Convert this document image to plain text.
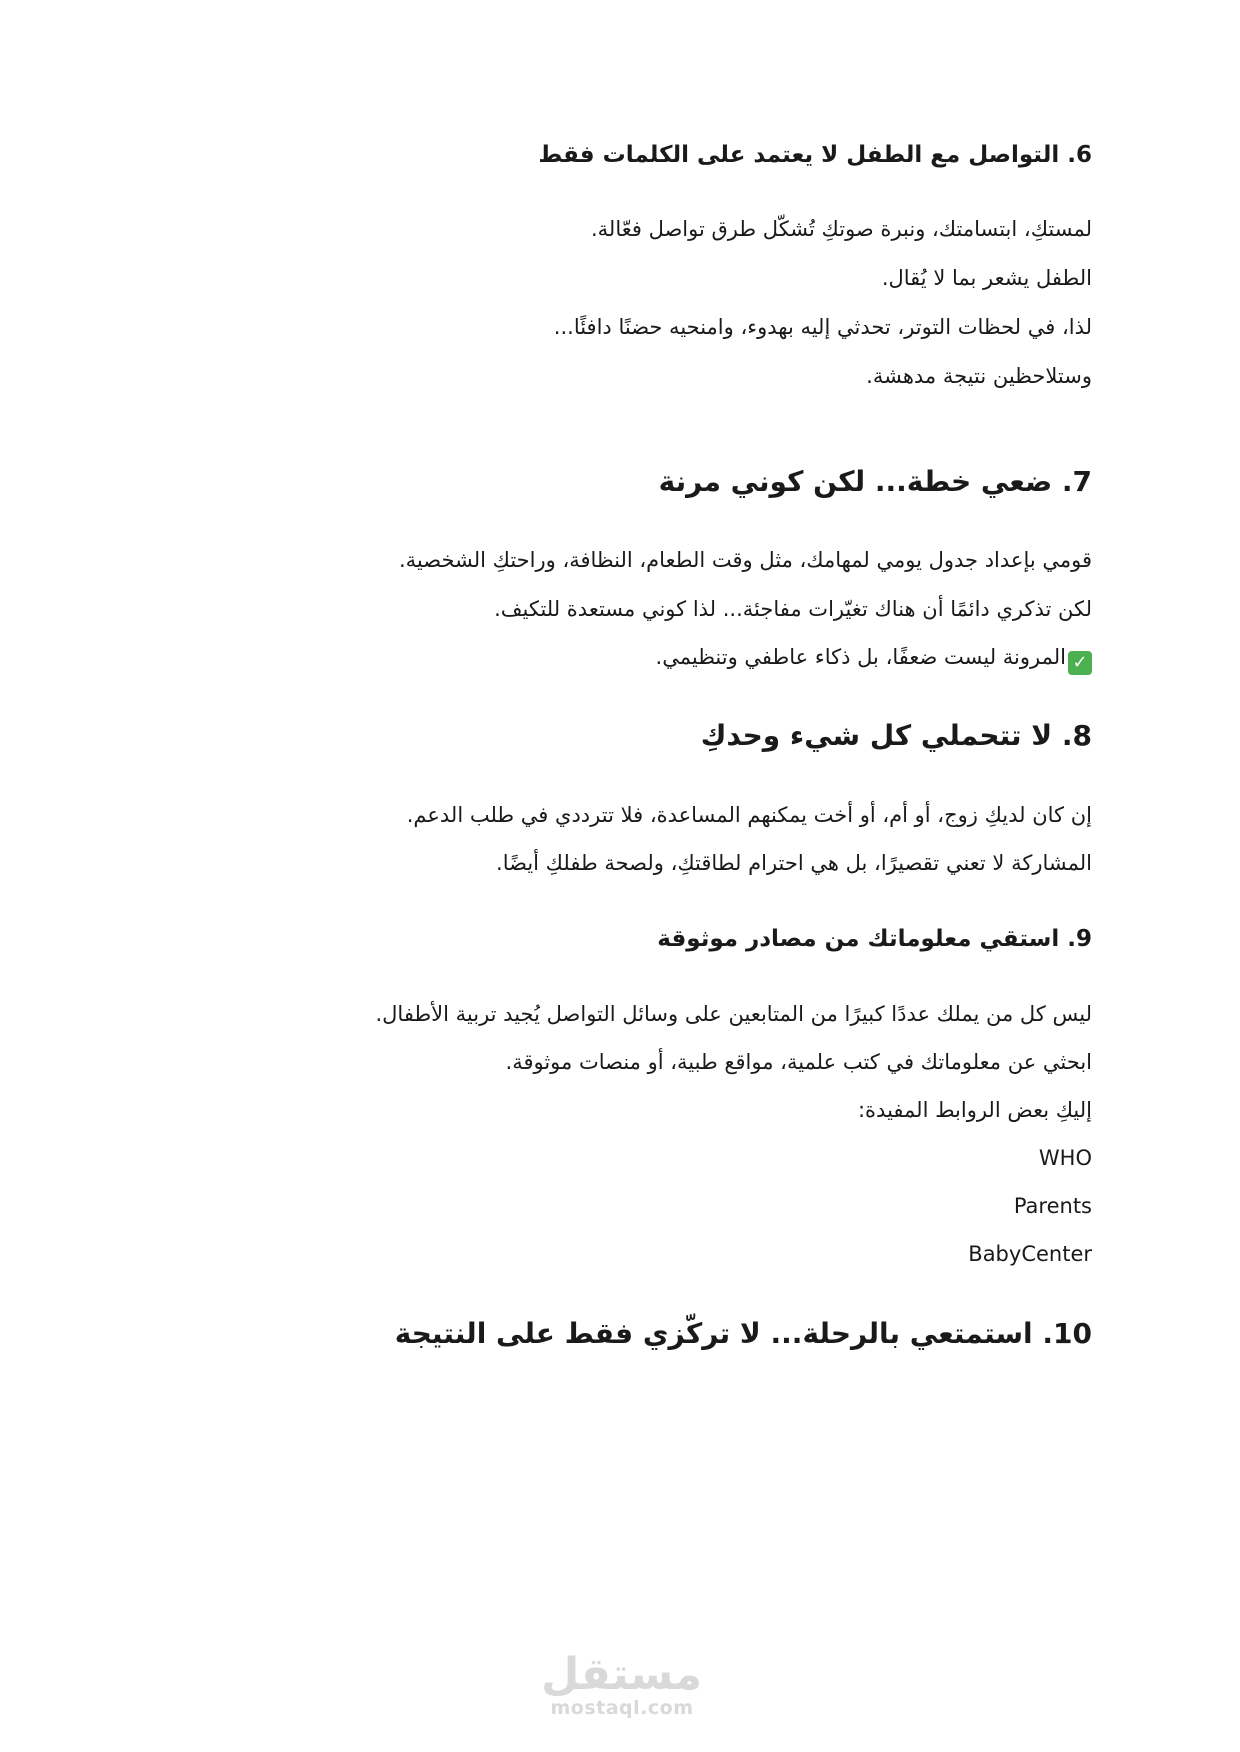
6. التواصل مع الطفل لا يعتمد على الكلمات فقط

لمستكِ، ابتسامتك، ونبرة صوتكِ تُشكّل طرق تواصل فعّالة.

الطفل يشعر بما لا يُقال.

لذا، في لحظات التوتر، تحدثي إليه بهدوء، وامنحيه حضنًا دافئًا...

وستلاحظين نتيجة مدهشة.

7. ضعي خطة... لكن كوني مرنة

قومي بإعداد جدول يومي لمهامك، مثل وقت الطعام، النظافة، وراحتكِ الشخصية.

لكن تذكري دائمًا أن هناك تغيّرات مفاجئة... لذا كوني مستعدة للتكيف.

✓المرونة ليست ضعفًا، بل ذكاء عاطفي وتنظيمي.

8. لا تتحملي كل شيء وحدكِ

إن كان لديكِ زوج، أو أم، أو أخت يمكنهم المساعدة، فلا تترددي في طلب الدعم.

المشاركة لا تعني تقصيرًا، بل هي احترام لطاقتكِ، ولصحة طفلكِ أيضًا.

9. استقي معلوماتك من مصادر موثوقة

ليس كل من يملك عددًا كبيرًا من المتابعين على وسائل التواصل يُجيد تربية الأطفال.

ابحثي عن معلوماتك في كتب علمية، مواقع طبية، أو منصات موثوقة.

إليكِ بعض الروابط المفيدة:

WHO

Parents

BabyCenter

10. استمتعي بالرحلة... لا تركّزي فقط على النتيجة
مستقل
mostaql.com
